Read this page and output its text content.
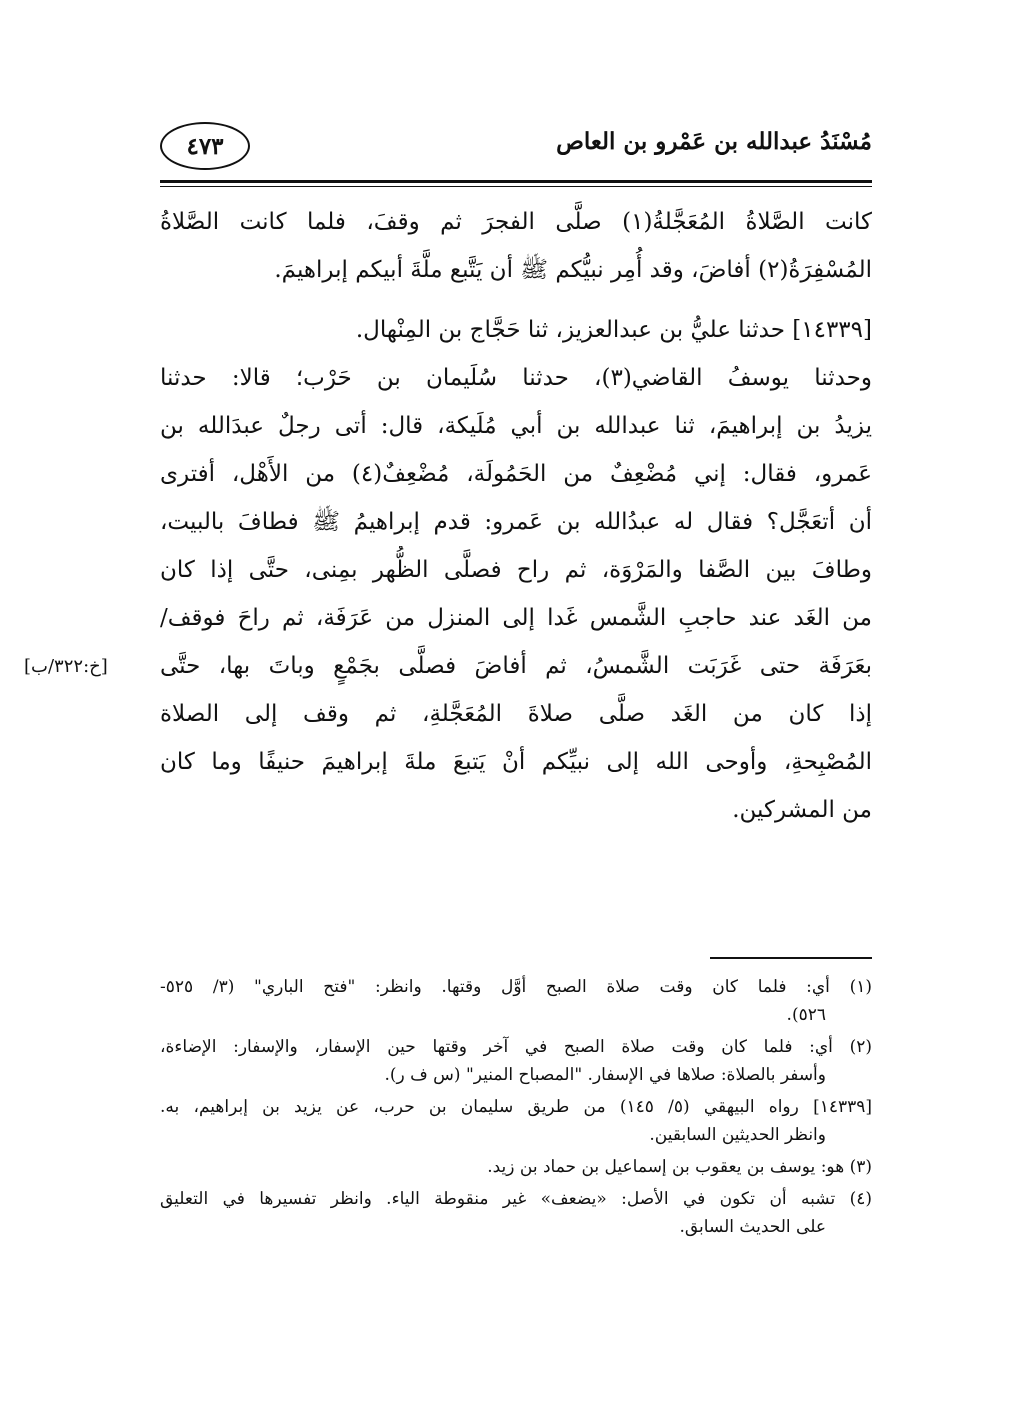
مُسْنَدُ عبدالله بن عَمْرو بن العاص
٤٧٣
كانت الصَّلاةُ المُعَجَّلةُ(١) صلَّى الفجرَ ثم وقفَ، فلما كانت الصَّلاةُ
المُسْفِرَةُ(٢) أفاضَ، وقد أُمِر نبيُّكم ﷺ أن يَتَّبع ملَّةَ أبيكم إبراهيمَ.
[١٤٣٣٩] حدثنا عليُّ بن عبدالعزيز، ثنا حَجَّاج بن المِنْهال.
وحدثنا يوسفُ القاضي(٣)، حدثنا سُلَيمان بن حَرْب؛ قالا: حدثنا
يزيدُ بن إبراهيمَ، ثنا عبدالله بن أبي مُلَيكة، قال: أتى رجلٌ عبدَالله بن
عَمرو، فقال: إني مُضْعِفٌ من الحَمُولَة، مُضْعِفٌ(٤) من الأَهْل، أفترى
أن أتعَجَّل؟ فقال له عبدُالله بن عَمرو: قدم إبراهيمُ ﷺ فطافَ بالبيت،
وطافَ بين الصَّفا والمَرْوَة، ثم راح فصلَّى الظُّهر بمِنى، حتَّى إذا كان
من الغَد عند حاجبِ الشَّمس غَدا إلى المنزل من عَرَفَة، ثم راحَ فوقف/
بعَرَفَة حتى غَرَبَت الشَّمسُ، ثم أفاضَ فصلَّى بجَمْعٍ وباتَ بها، حتَّى
إذا كان من الغَد صلَّى صلاةَ المُعَجَّلةِ، ثم وقف إلى الصلاة
المُصْبِحةِ، وأوحى الله إلى نبيِّكم أنْ يَتبعَ ملةَ إبراهيمَ حنيفًا وما كان
من المشركين.
[خ:٣٢٢/ب]
(١) أي: فلما كان وقت صلاة الصبح أوَّل وقتها. وانظر: "فتح الباري" (٣/ ٥٢٥-
٥٢٦).
(٢) أي: فلما كان وقت صلاة الصبح في آخر وقتها حين الإسفار، والإسفار: الإضاءة،
وأسفر بالصلاة: صلاها في الإسفار. "المصباح المنير" (س ف ر).
[١٤٣٣٩] رواه البيهقي (٥/ ١٤٥) من طريق سليمان بن حرب، عن يزيد بن إبراهيم، به.
وانظر الحديثين السابقين.
(٣) هو: يوسف بن يعقوب بن إسماعيل بن حماد بن زيد.
(٤) تشبه أن تكون في الأصل: «يضعف» غير منقوطة الياء. وانظر تفسيرها في التعليق
على الحديث السابق.
